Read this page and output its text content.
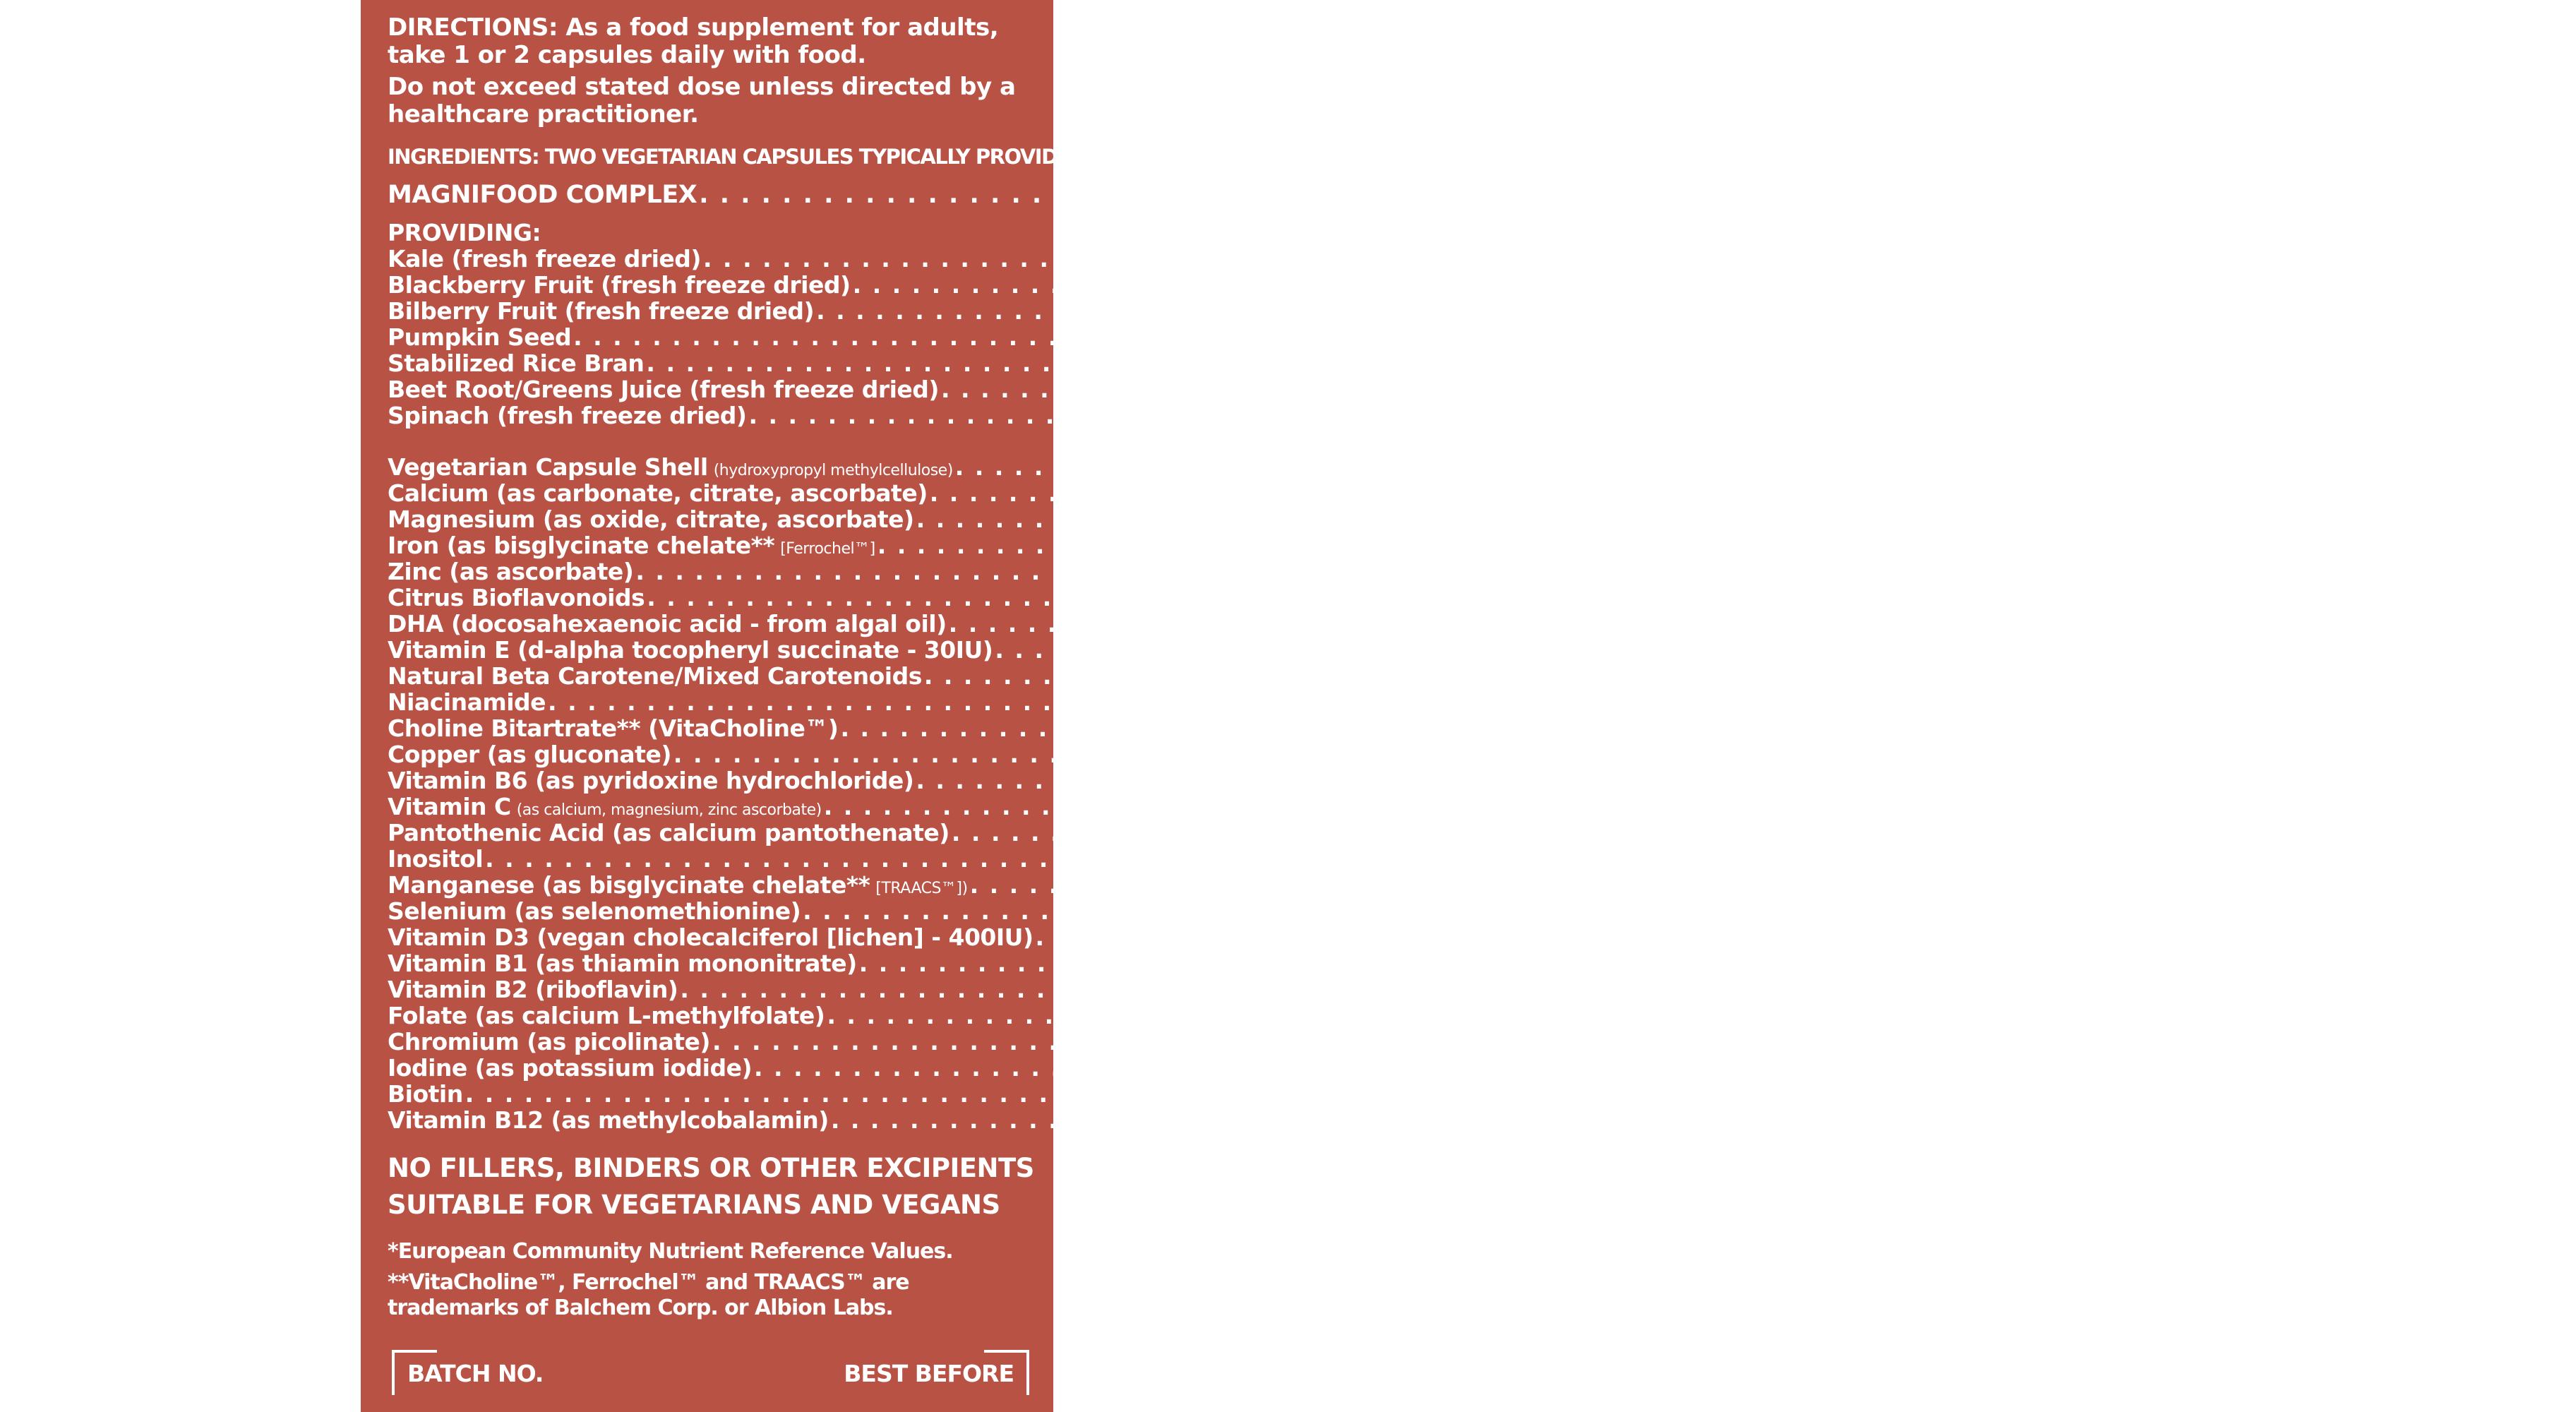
DIRECTIONS: As a food supplement for adults, take 1 or 2 capsules daily with food.

Do not exceed stated dose unless directed by a healthcare practitioner.

INGREDIENTS: TWO VEGETARIAN CAPSULES TYPICALLY PROVIDE
MAGNIFOOD COMPLEX . . .	350mg
PROVIDING:
Kale (fresh freeze dried) . . .	100mg
Blackberry Fruit (fresh freeze dried) . . .	50mg
Bilberry Fruit (fresh freeze dried) . . .	50mg
Pumpkin Seed . . .	50mg
Stabilized Rice Bran . . .	50mg
Beet Root/Greens Juice (fresh freeze dried) . . .	25mg
Spinach (fresh freeze dried) . . .	25mg
Vegetarian Capsule Shell (hydroxypropyl methylcellulose) . . .	236mg
Calcium (as carbonate, citrate, ascorbate) . . .	100mg
Magnesium (as oxide, citrate, ascorbate) . . .	50mg
Iron (as bisglycinate chelate** [Ferrochel™] . . .	15mg
Zinc (as ascorbate) . . .	10mg
Citrus Bioflavonoids . . .	20mg
DHA (docosahexaenoic acid - from algal oil) . . .	15mg
Vitamin E (d-alpha tocopheryl succinate - 30IU) . . .	20mg
Natural Beta Carotene/Mixed Carotenoids . . .	2mg
Niacinamide . . .	15mg
Choline Bitartrate** (VitaCholine™) . . .	5mg
Copper (as gluconate) . . .	1mg
Vitamin B6 (as pyridoxine hydrochloride) . . .	5mg
Vitamin C (as calcium, magnesium, zinc ascorbate) . . .	60mg
Pantothenic Acid (as calcium pantothenate) . . .	5mg
Inositol . . .	5mg
Manganese (as bisglycinate chelate** [TRAACS™]) . . .	0.5mg
Selenium (as selenomethionine) . . .	25µg
Vitamin D3 (vegan cholecalciferol [lichen] - 400IU) . . .	10µg
Vitamin B1 (as thiamin mononitrate) . . .	3mg
Vitamin B2 (riboflavin) . . .	3mg
Folate (as calcium L-methylfolate) . . .	400µg
Chromium (as picolinate) . . .	20µg
Iodine (as potassium iodide) . . .	100µg
Biotin . . .	150µg
Vitamin B12 (as methylcobalamin) . . .	5µg
NO FILLERS, BINDERS OR OTHER EXCIPIENTS
SUITABLE FOR VEGETARIANS AND VEGANS
*European Community Nutrient Reference Values.
**VitaCholine™, Ferrochel™ and TRAACS™ are trademarks of Balchem Corp. or Albion Labs.
BATCH NO.	BEST BEFORE
